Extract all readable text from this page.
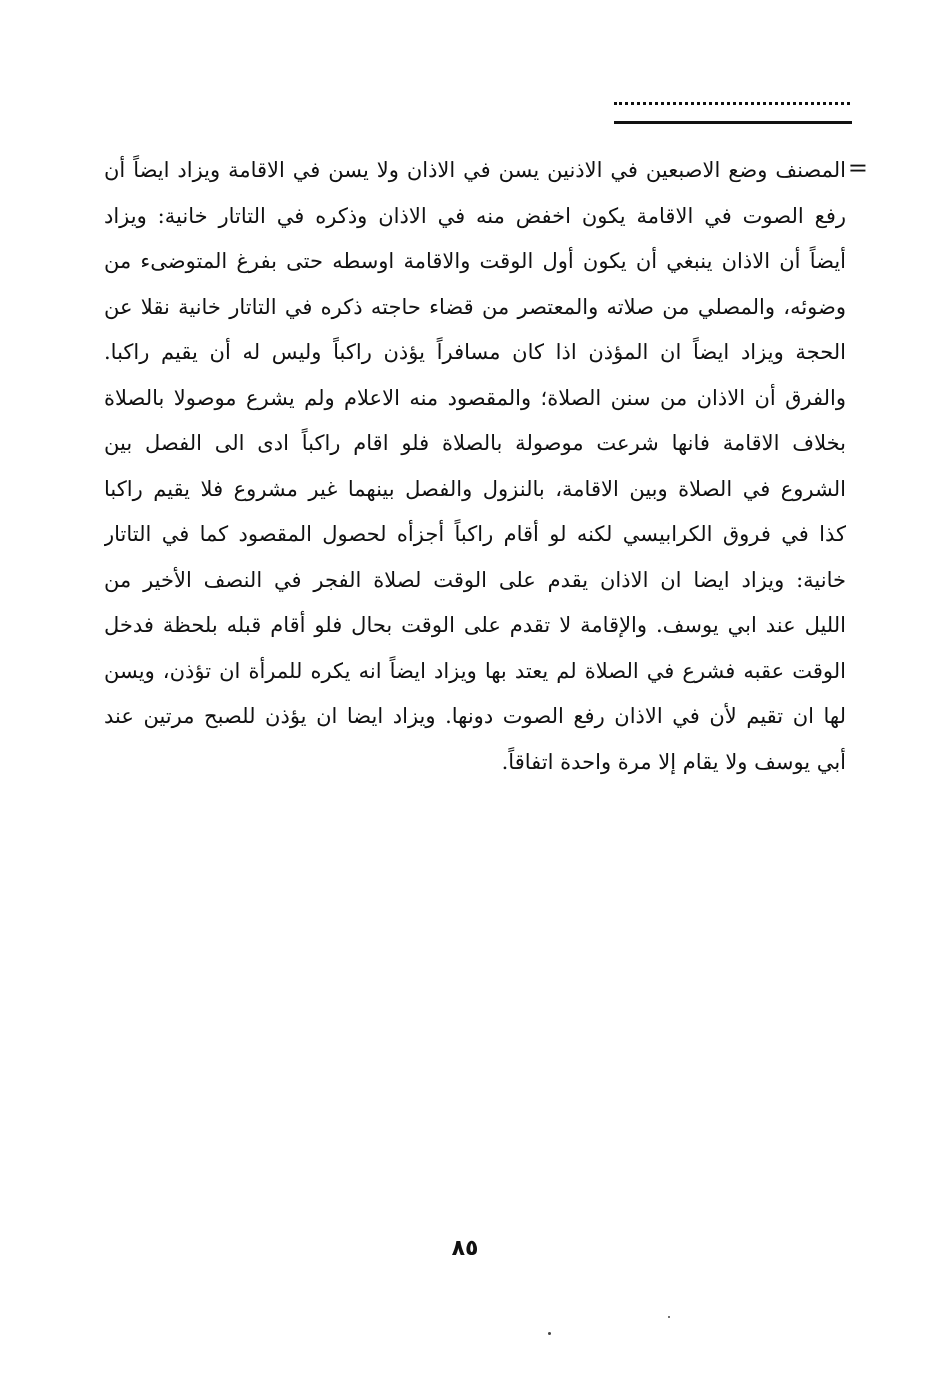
=
المصنف وضع الاصبعين في الاذنين يسن في الاذان ولا يسن في الاقامة ويزاد ايضاً أن
رفع الصوت في الاقامة يكون اخفض منه في الاذان وذكره في التاتار خانية: ويزاد
أيضاً أن الاذان ينبغي أن يكون أول الوقت والاقامة اوسطه حتى بفرغ المتوضىء من
وضوئه، والمصلي من صلاته والمعتصر من قضاء حاجته ذكره في التاتار خانية نقلا عن
الحجة ويزاد ايضاً ان المؤذن اذا كان مسافراً يؤذن راكباً وليس له أن يقيم راكبا.
والفرق أن الاذان من سنن الصلاة؛ والمقصود منه الاعلام ولم يشرع موصولا بالصلاة
بخلاف الاقامة فانها شرعت موصولة بالصلاة فلو اقام راكباً ادى الى الفصل بين
الشروع في الصلاة وبين الاقامة، بالنزول والفصل بينهما غير مشروع فلا يقيم راكبا
كذا في فروق الكرابيسي لكنه لو أقام راكباً أجزأه لحصول المقصود كما في التاتار
خانية: ويزاد ايضا ان الاذان يقدم على الوقت لصلاة الفجر في النصف الأخير من
الليل عند ابي يوسف. والإقامة لا تقدم على الوقت بحال فلو أقام قبله بلحظة فدخل
الوقت عقبه فشرع في الصلاة لم يعتد بها ويزاد ايضاً انه يكره للمرأة ان تؤذن، ويسن
لها ان تقيم لأن في الاذان رفع الصوت دونها. ويزاد ايضا ان يؤذن للصبح مرتين عند
أبي يوسف ولا يقام إلا مرة واحدة اتفاقاً.
٨٥
